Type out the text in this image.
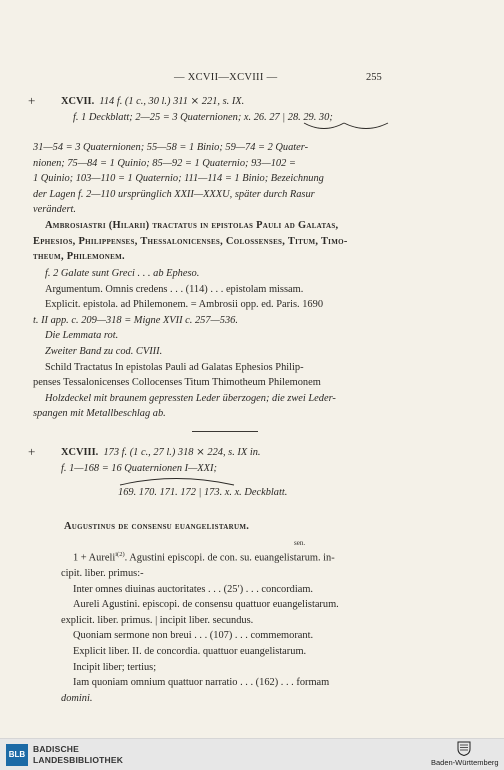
— XCVII—XCVIII —	255
+ XCVII. 114 f. (1 c., 30 l.) 311 ⨯ 221, s. IX.
f. 1 Deckblatt; 2—25 = 3 Quaternionen; x. 26. 27 | 28. 29. 30;
31—54 = 3 Quaternionen; 55—58 = 1 Binio; 59—74 = 2 Quater-
nionen; 75—84 = 1 Quinio; 85—92 = 1 Quaternio; 93—102 =
1 Quinio; 103—110 = 1 Quaternio; 111—114 = 1 Binio; Bezeichnung
der Lagen f. 2—110 ursprünglich XXII—XXXU, später durch Rasur
verändert.
Ambrosiastri (Hilarii) tractatus in epistolas Pauli ad Galatas,
Ephesios, Philippenses, Thessalonicenses, Colossenses, Titum, Timo-
theum, Philemonem.
f. 2 Galate sunt Greci . . . ab Epheso.
Argumentum. Omnis credens . . . (114) . . . epistolam missam.
Explicit. epistola. ad Philemonem. = Ambrosii opp. ed. Paris. 1690
t. II app. c. 209—318 = Migne XVII c. 257—536.
Die Lemmata rot.
Zweiter Band zu cod. CVIII.
Schild Tractatus In epistolas Pauli ad Galatas Ephesios Philip-
penses Tessalonicenses Collocenses Titum Thimotheum Philemonem
Holzdeckel mit braunem gepressten Leder überzogen; die zwei Leder-
spangen mit Metallbeschlag ab.
+ XCVIII. 173 f. (1 c., 27 l.) 318 ⨯ 224, s. IX in.
f. 1—168 = 16 Quaternionen I—XXI;
169. 170. 171. 172 | 173. x. x. Deckblatt.
Augustinus de consensu euangelistarum.
sen.
1 + Aureli$^{i(2)}$. Agustini episcopi. de con. su. euangelistarum. in-
cipit. liber. primus:-
Inter omnes diuinas auctoritates . . . (25ʹ) . . . concordiam.
Aureli Agustini. episcopi. de consensu quattuor euangelistarum.
explicit. liber. primus. | incipit liber. secundus.
Quoniam sermone non breui . . . (107) . . . commemorant.
Explicit liber. II. de concordia. quattuor euangelistarum.
Incipit liber; tertius;
Iam quoniam omnium quattuor narratio . . . (162) . . . formam
domini.
BLB
BADISCHE
LANDESBIBLIOTHEK	Baden-Württemberg
